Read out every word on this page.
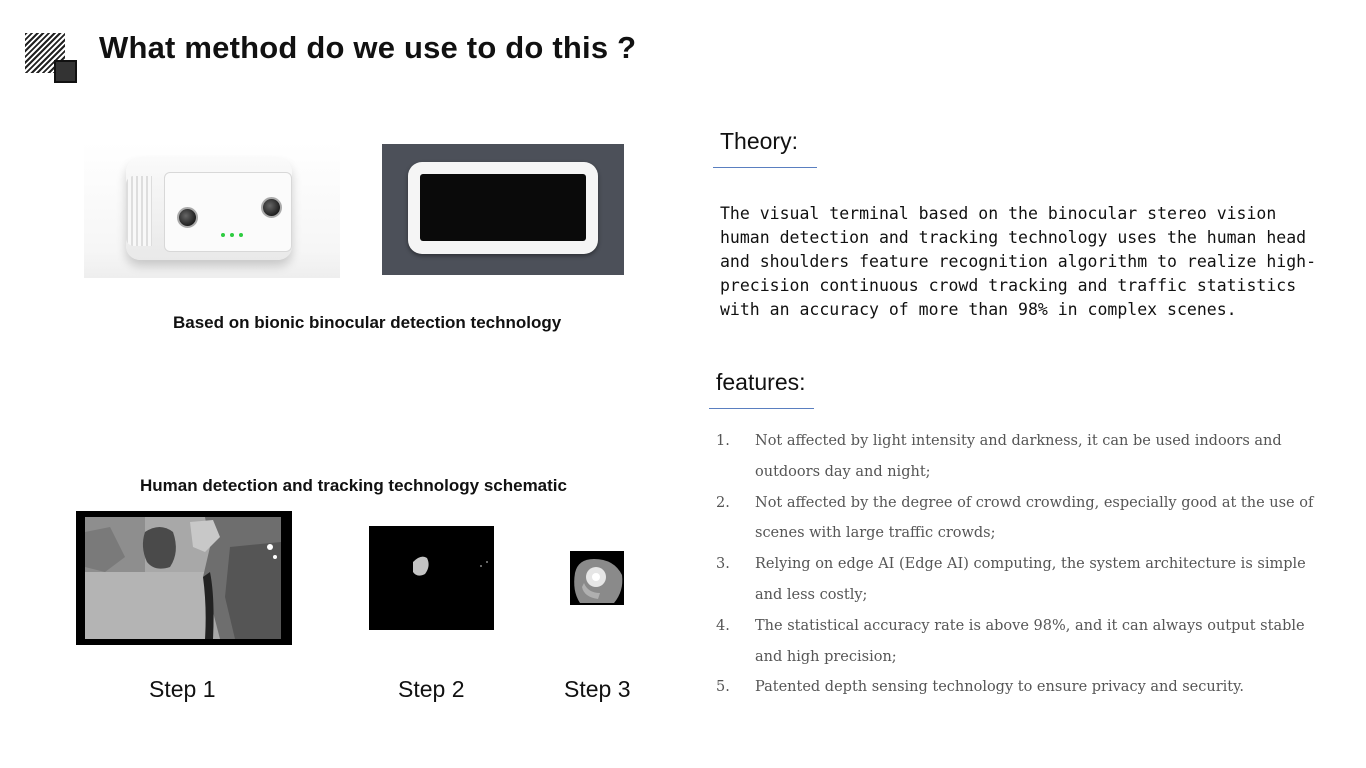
What method do we use to do this ?
Based on bionic binocular detection technology
Human detection and tracking technology schematic
Step 1	Step 2	Step 3
Theory:
The visual terminal based on the binocular stereo vision human detection and tracking technology uses the human head and shoulders feature recognition algorithm to realize high-precision continuous crowd tracking and traffic statistics with an accuracy of more than 98% in complex scenes.
features:
1. Not affected by light intensity and darkness, it can be used indoors and outdoors day and night;
2. Not affected by the degree of crowd crowding, especially good at the use of scenes with large traffic crowds;
3. Relying on edge AI (Edge AI) computing, the system architecture is simple and less costly;
4. The statistical accuracy rate is above 98%, and it can always output stable and high precision;
5. Patented depth sensing technology to ensure privacy and security.
